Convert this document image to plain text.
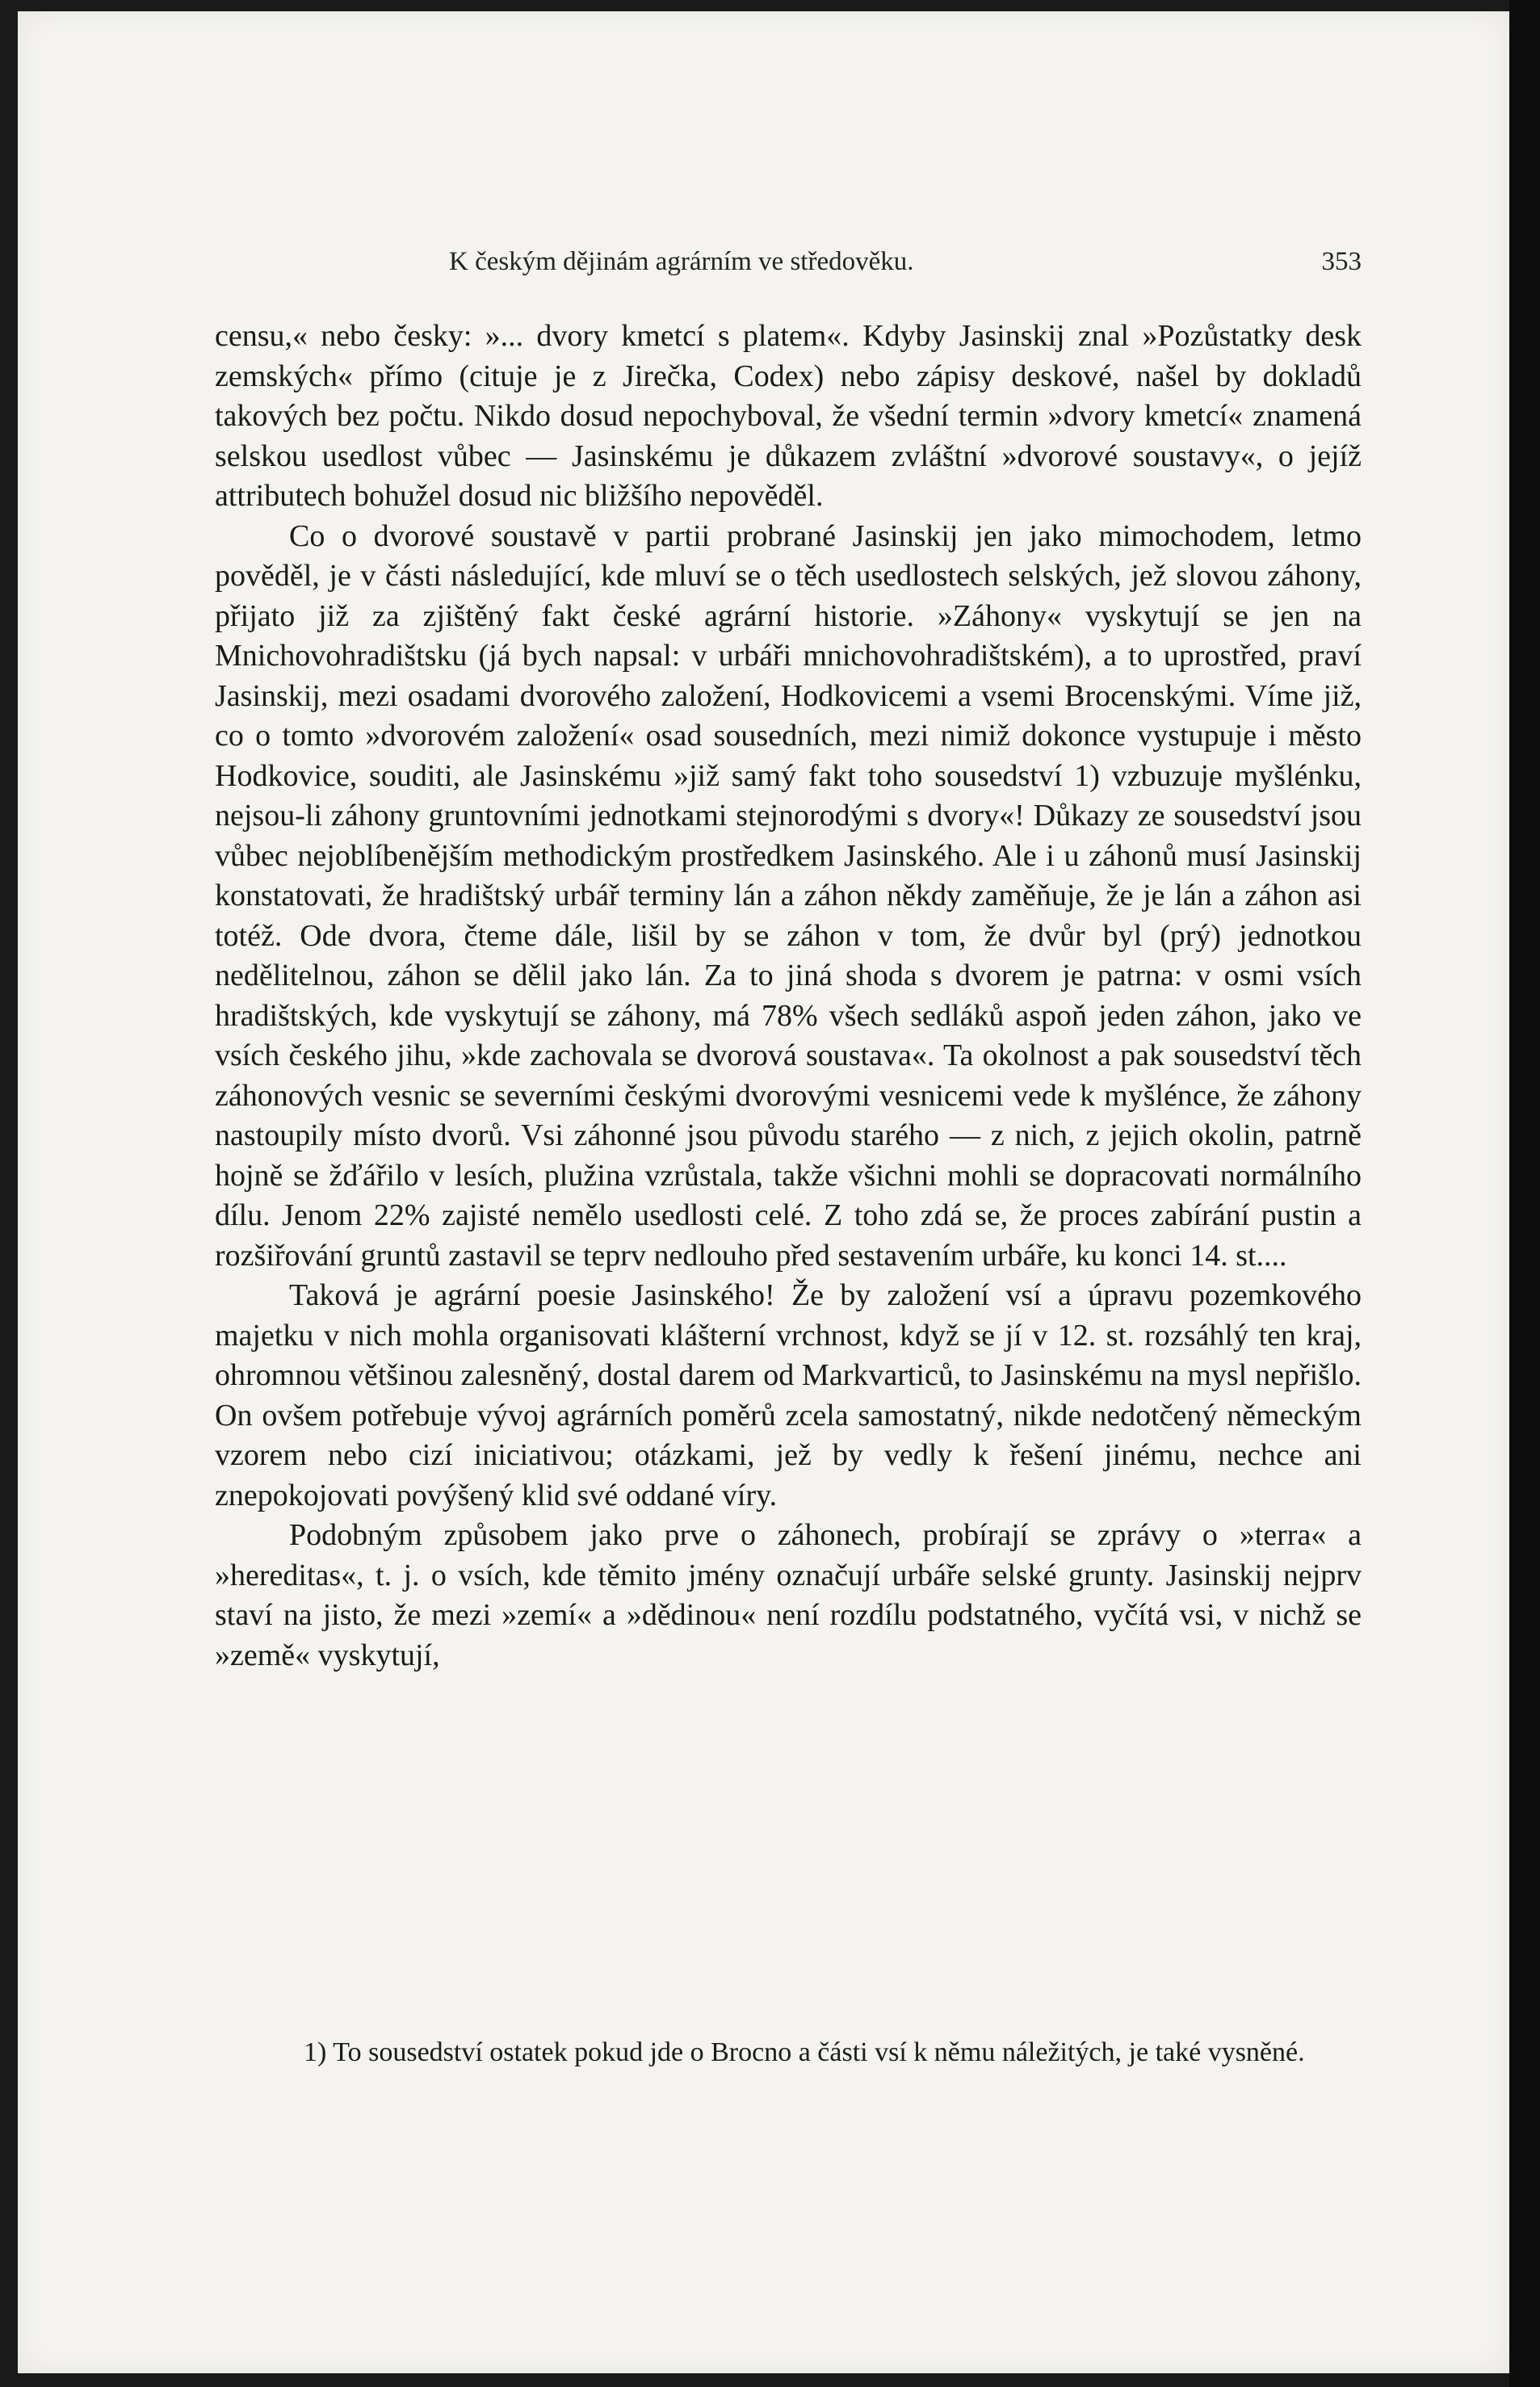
K českým dějinám agrárním ve středověku.	353

censu,« nebo česky: »... dvory kmetcí s platem«. Kdyby Jasinskij znal »Pozůstatky desk zemských« přímo (cituje je z Jirečka, Codex) nebo zápisy deskové, našel by dokladů takových bez počtu. Nikdo dosud nepochyboval, že všední termin »dvory kmetcí« znamená selskou usedlost vůbec — Jasinskému je důkazem zvláštní »dvorové soustavy«, o jejíž attributech bohužel dosud nic bližšího nepověděl.

Co o dvorové soustavě v partii probrané Jasinskij jen jako mimochodem, letmo pověděl, je v části následující, kde mluví se o těch usedlostech selských, jež slovou záhony, přijato již za zjištěný fakt české agrární historie. »Záhony« vyskytují se jen na Mnichovohradištsku (já bych napsal: v urbáři mnichovohradištském), a to uprostřed, praví Jasinskij, mezi osadami dvorového založení, Hodkovicemi a vsemi Brocenskými. Víme již, co o tomto »dvorovém založení« osad sousedních, mezi nimiž dokonce vystupuje i město Hodkovice, souditi, ale Jasinskému »již samý fakt toho sousedství 1) vzbuzuje myšlénku, nejsou-li záhony gruntovními jednotkami stejnorodými s dvory«! Důkazy ze sousedství jsou vůbec nejoblíbenějším methodickým prostředkem Jasinského. Ale i u záhonů musí Jasinskij konstatovati, že hradištský urbář terminy lán a záhon někdy zaměňuje, že je lán a záhon asi totéž. Ode dvora, čteme dále, lišil by se záhon v tom, že dvůr byl (prý) jednotkou nedělitelnou, záhon se dělil jako lán. Za to jiná shoda s dvorem je patrna: v osmi vsích hradištských, kde vyskytují se záhony, má 78% všech sedláků aspoň jeden záhon, jako ve vsích českého jihu, »kde zachovala se dvorová soustava«. Ta okolnost a pak sousedství těch záhonových vesnic se severními českými dvorovými vesnicemi vede k myšlénce, že záhony nastoupily místo dvorů. Vsi záhonné jsou původu starého — z nich, z jejich okolin, patrně hojně se žďářilo v lesích, plužina vzrůstala, takže všichni mohli se dopracovati normálního dílu. Jenom 22% zajisté nemělo usedlosti celé. Z toho zdá se, že proces zabírání pustin a rozšiřování gruntů zastavil se teprv nedlouho před sestavením urbáře, ku konci 14. st....

Taková je agrární poesie Jasinského! Že by založení vsí a úpravu pozemkového majetku v nich mohla organisovati klášterní vrchnost, když se jí v 12. st. rozsáhlý ten kraj, ohromnou většinou zalesněný, dostal darem od Markvarticů, to Jasinskému na mysl nepřišlo. On ovšem potřebuje vývoj agrárních poměrů zcela samostatný, nikde nedotčený německým vzorem nebo cizí iniciativou; otázkami, jež by vedly k řešení jinému, nechce ani znepokojovati povýšený klid své oddané víry.

Podobným způsobem jako prve o záhonech, probírají se zprávy o »terra« a »hereditas«, t. j. o vsích, kde těmito jmény označují urbáře selské grunty. Jasinskij nejprv staví na jisto, že mezi »zemí« a »dědinou« není rozdílu podstatného, vyčítá vsi, v nichž se »země« vyskytují,

1) To sousedství ostatek pokud jde o Brocno a části vsí k němu náležitých, je také vysněné.
